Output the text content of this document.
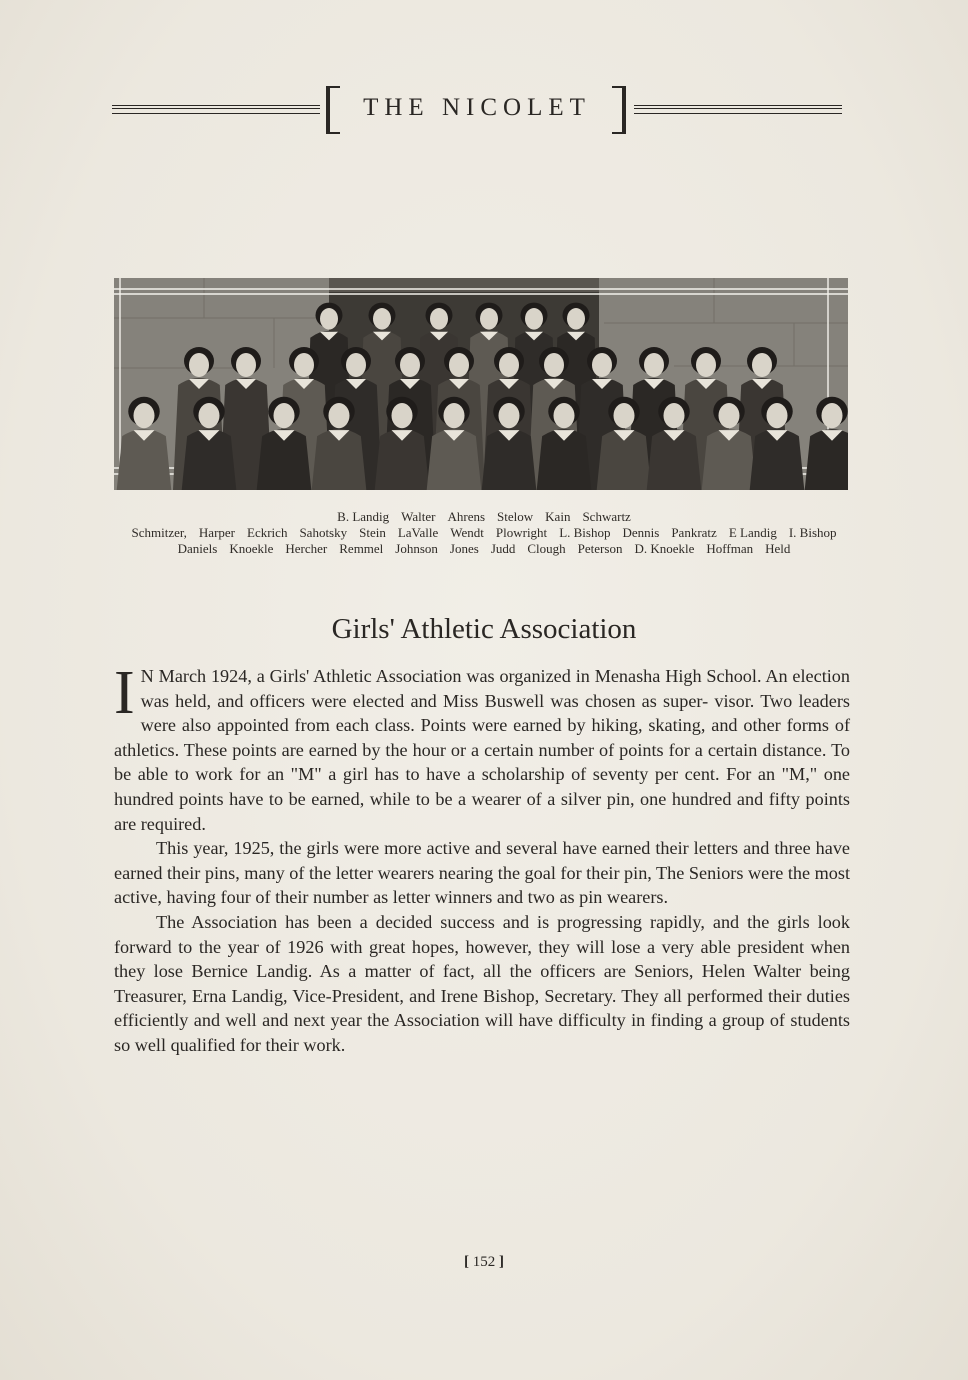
THE NICOLET
B. Landig Walter Ahrens Stelow Kain Schwartz
Schmitzer, Harper Eckrich Sahotsky Stein LaValle Wendt Plowright L. Bishop Dennis Pankratz E Landig I. Bishop
Daniels Knoekle Hercher Remmel Johnson Jones Judd Clough Peterson D. Knoekle Hoffman Held
Girls' Athletic Association

I N March 1924, a Girls' Athletic Association was organized in Menasha High School. An election was held, and officers were elected and Miss Buswell was chosen as super- visor. Two leaders were also appointed from each class. Points were earned by hiking, skating, and other forms of athletics. These points are earned by the hour or a certain number of points for a certain distance. To be able to work for an "M" a girl has to have a scholarship of seventy per cent. For an "M," one hundred points have to be earned, while to be a wearer of a silver pin, one hundred and fifty points are required.

This year, 1925, the girls were more active and several have earned their letters and three have earned their pins, many of the letter wearers nearing the goal for their pin, The Seniors were the most active, having four of their number as letter winners and two as pin wearers.

The Association has been a decided success and is progressing rapidly, and the girls look forward to the year of 1926 with great hopes, however, they will lose a very able president when they lose Bernice Landig. As a matter of fact, all the officers are Seniors, Helen Walter being Treasurer, Erna Landig, Vice-President, and Irene Bishop, Secretary. They all performed their duties efficiently and well and next year the Association will have difficulty in finding a group of students so well qualified for their work.

[ 152 ]
